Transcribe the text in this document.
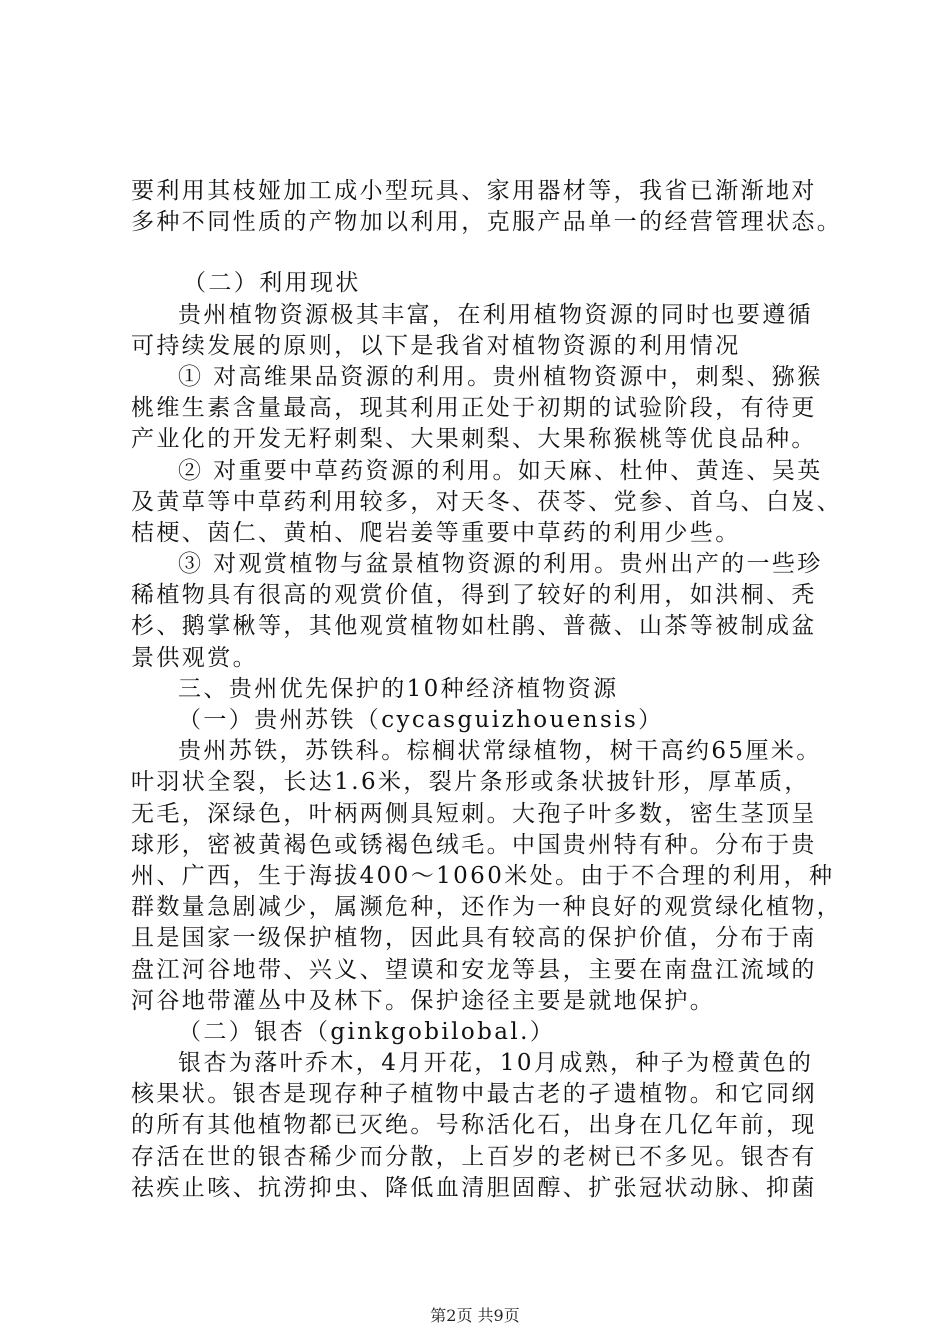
要利用其枝娅加工成小型玩具、家用器材等，我省已渐渐地对
多种不同性质的产物加以利用，克服产品单一的经营管理状态。
（二）利用现状
贵州植物资源极其丰富，在利用植物资源的同时也要遵循
可持续发展的原则，以下是我省对植物资源的利用情况
① 对高维果品资源的利用。贵州植物资源中，刺梨、猕猴
桃维生素含量最高，现其利用正处于初期的试验阶段，有待更
产业化的开发无籽刺梨、大果刺梨、大果称猴桃等优良品种。
② 对重要中草药资源的利用。如天麻、杜仲、黄连、吴英
及黄草等中草药利用较多，对天冬、茯苓、党参、首乌、白岌、
桔梗、茵仁、黄柏、爬岩姜等重要中草药的利用少些。
③ 对观赏植物与盆景植物资源的利用。贵州出产的一些珍
稀植物具有很高的观赏价值，得到了较好的利用，如洪桐、秃
杉、鹅掌楸等，其他观赏植物如杜鹃、普薇、山茶等被制成盆
景供观赏。
三、贵州优先保护的10种经济植物资源
（一）贵州苏铁（cycasguizhouensis）
贵州苏铁，苏铁科。棕榈状常绿植物，树干高约65厘米。
叶羽状全裂，长达1.6米，裂片条形或条状披针形，厚革质，
无毛，深绿色，叶柄两侧具短刺。大孢子叶多数，密生茎顶呈
球形，密被黄褐色或锈褐色绒毛。中国贵州特有种。分布于贵
州、广西，生于海拔400～1060米处。由于不合理的利用，种
群数量急剧减少，属濒危种，还作为一种良好的观赏绿化植物，
且是国家一级保护植物，因此具有较高的保护价值，分布于南
盘江河谷地带、兴义、望谟和安龙等县，主要在南盘江流域的
河谷地带灌丛中及林下。保护途径主要是就地保护。
（二）银杏（ginkgobilobal.）
银杏为落叶乔木，4月开花，10月成熟，种子为橙黄色的
核果状。银杏是现存种子植物中最古老的孑遗植物。和它同纲
的所有其他植物都已灭绝。号称活化石，出身在几亿年前，现
存活在世的银杏稀少而分散，上百岁的老树已不多见。银杏有
祛疾止咳、抗涝抑虫、降低血清胆固醇、扩张冠状动脉、抑菌
第2页 共9页
